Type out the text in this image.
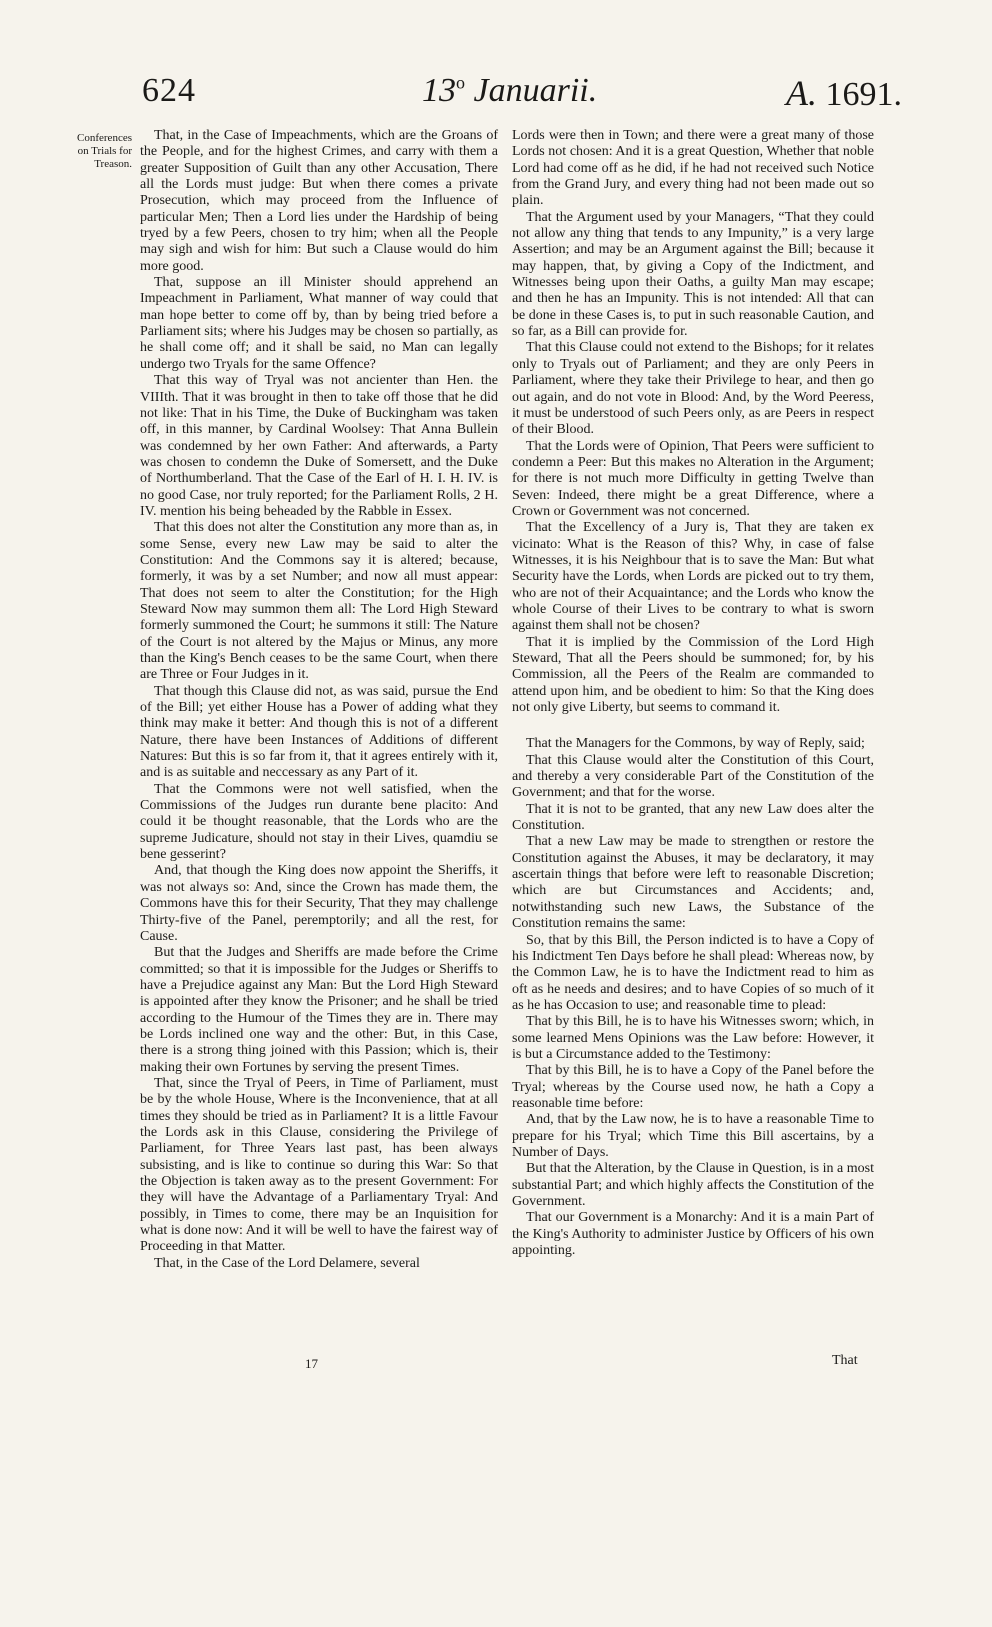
624	13$^o$ Januarii.	A. 1691.
Conferences
on Trials for
Treason.

That, in the Case of Impeachments, which are the Groans of the People, and for the highest Crimes, and carry with them a greater Supposition of Guilt than any other Accusation, There all the Lords must judge: But when there comes a private Prosecution, which may proceed from the Influence of particular Men; Then a Lord lies under the Hardship of being tryed by a few Peers, chosen to try him; when all the People may sigh and wish for him: But such a Clause would do him more good.

That, suppose an ill Minister should apprehend an Impeachment in Parliament, What manner of way could that man hope better to come off by, than by being tried before a Parliament sits; where his Judges may be chosen so partially, as he shall come off; and it shall be said, no Man can legally undergo two Tryals for the same Offence?

That this way of Tryal was not ancienter than Hen. the VIIIth. That it was brought in then to take off those that he did not like: That in his Time, the Duke of Buckingham was taken off, in this manner, by Cardinal Woolsey: That Anna Bullein was condemned by her own Father: And afterwards, a Party was chosen to condemn the Duke of Somersett, and the Duke of Northumberland. That the Case of the Earl of H. I. H. IV. is no good Case, nor truly reported; for the Parliament Rolls, 2 H. IV. mention his being beheaded by the Rabble in Essex.

That this does not alter the Constitution any more than as, in some Sense, every new Law may be said to alter the Constitution: And the Commons say it is altered; because, formerly, it was by a set Number; and now all must appear: That does not seem to alter the Constitution; for the High Steward Now may summon them all: The Lord High Steward formerly summoned the Court; he summons it still: The Nature of the Court is not altered by the Majus or Minus, any more than the King's Bench ceases to be the same Court, when there are Three or Four Judges in it.

That though this Clause did not, as was said, pursue the End of the Bill; yet either House has a Power of adding what they think may make it better: And though this is not of a different Nature, there have been Instances of Additions of different Natures: But this is so far from it, that it agrees entirely with it, and is as suitable and neccessary as any Part of it.

That the Commons were not well satisfied, when the Commissions of the Judges run durante bene placito: And could it be thought reasonable, that the Lords who are the supreme Judicature, should not stay in their Lives, quamdiu se bene gesserint?

And, that though the King does now appoint the Sheriffs, it was not always so: And, since the Crown has made them, the Commons have this for their Security, That they may challenge Thirty-five of the Panel, peremptorily; and all the rest, for Cause.

But that the Judges and Sheriffs are made before the Crime committed; so that it is impossible for the Judges or Sheriffs to have a Prejudice against any Man: But the Lord High Steward is appointed after they know the Prisoner; and he shall be tried according to the Humour of the Times they are in. There may be Lords inclined one way and the other: But, in this Case, there is a strong thing joined with this Passion; which is, their making their own Fortunes by serving the present Times.

That, since the Tryal of Peers, in Time of Parliament, must be by the whole House, Where is the Inconvenience, that at all times they should be tried as in Parliament? It is a little Favour the Lords ask in this Clause, considering the Privilege of Parliament, for Three Years last past, has been always subsisting, and is like to continue so during this War: So that the Objection is taken away as to the present Government: For they will have the Advantage of a Parliamentary Tryal: And possibly, in Times to come, there may be an Inquisition for what is done now: And it will be well to have the fairest way of Proceeding in that Matter.

That, in the Case of the Lord Delamere, several

Lords were then in Town; and there were a great many of those Lords not chosen: And it is a great Question, Whether that noble Lord had come off as he did, if he had not received such Notice from the Grand Jury, and every thing had not been made out so plain.

That the Argument used by your Managers, “That they could not allow any thing that tends to any Impunity,” is a very large Assertion; and may be an Argument against the Bill; because it may happen, that, by giving a Copy of the Indictment, and Witnesses being upon their Oaths, a guilty Man may escape; and then he has an Impunity. This is not intended: All that can be done in these Cases is, to put in such reasonable Caution, and so far, as a Bill can provide for.

That this Clause could not extend to the Bishops; for it relates only to Tryals out of Parliament; and they are only Peers in Parliament, where they take their Privilege to hear, and then go out again, and do not vote in Blood: And, by the Word Peeress, it must be understood of such Peers only, as are Peers in respect of their Blood.

That the Lords were of Opinion, That Peers were sufficient to condemn a Peer: But this makes no Alteration in the Argument; for there is not much more Difficulty in getting Twelve than Seven: Indeed, there might be a great Difference, where a Crown or Government was not concerned.

That the Excellency of a Jury is, That they are taken ex vicinato: What is the Reason of this? Why, in case of false Witnesses, it is his Neighbour that is to save the Man: But what Security have the Lords, when Lords are picked out to try them, who are not of their Acquaintance; and the Lords who know the whole Course of their Lives to be contrary to what is sworn against them shall not be chosen?

That it is implied by the Commission of the Lord High Steward, That all the Peers should be summoned; for, by his Commission, all the Peers of the Realm are commanded to attend upon him, and be obedient to him: So that the King does not only give Liberty, but seems to command it.

That the Managers for the Commons, by way of Reply, said;

That this Clause would alter the Constitution of this Court, and thereby a very considerable Part of the Constitution of the Government; and that for the worse.

That it is not to be granted, that any new Law does alter the Constitution.

That a new Law may be made to strengthen or restore the Constitution against the Abuses, it may be declaratory, it may ascertain things that before were left to reasonable Discretion; which are but Circumstances and Accidents; and, notwithstanding such new Laws, the Substance of the Constitution remains the same:

So, that by this Bill, the Person indicted is to have a Copy of his Indictment Ten Days before he shall plead: Whereas now, by the Common Law, he is to have the Indictment read to him as oft as he needs and desires; and to have Copies of so much of it as he has Occasion to use; and reasonable time to plead:

That by this Bill, he is to have his Witnesses sworn; which, in some learned Mens Opinions was the Law before: However, it is but a Circumstance added to the Testimony:

That by this Bill, he is to have a Copy of the Panel before the Tryal; whereas by the Course used now, he hath a Copy a reasonable time before:

And, that by the Law now, he is to have a reasonable Time to prepare for his Tryal; which Time this Bill ascertains, by a Number of Days.

But that the Alteration, by the Clause in Question, is in a most substantial Part; and which highly affects the Constitution of the Government.

That our Government is a Monarchy: And it is a main Part of the King's Authority to administer Justice by Officers of his own appointing.

17	That
